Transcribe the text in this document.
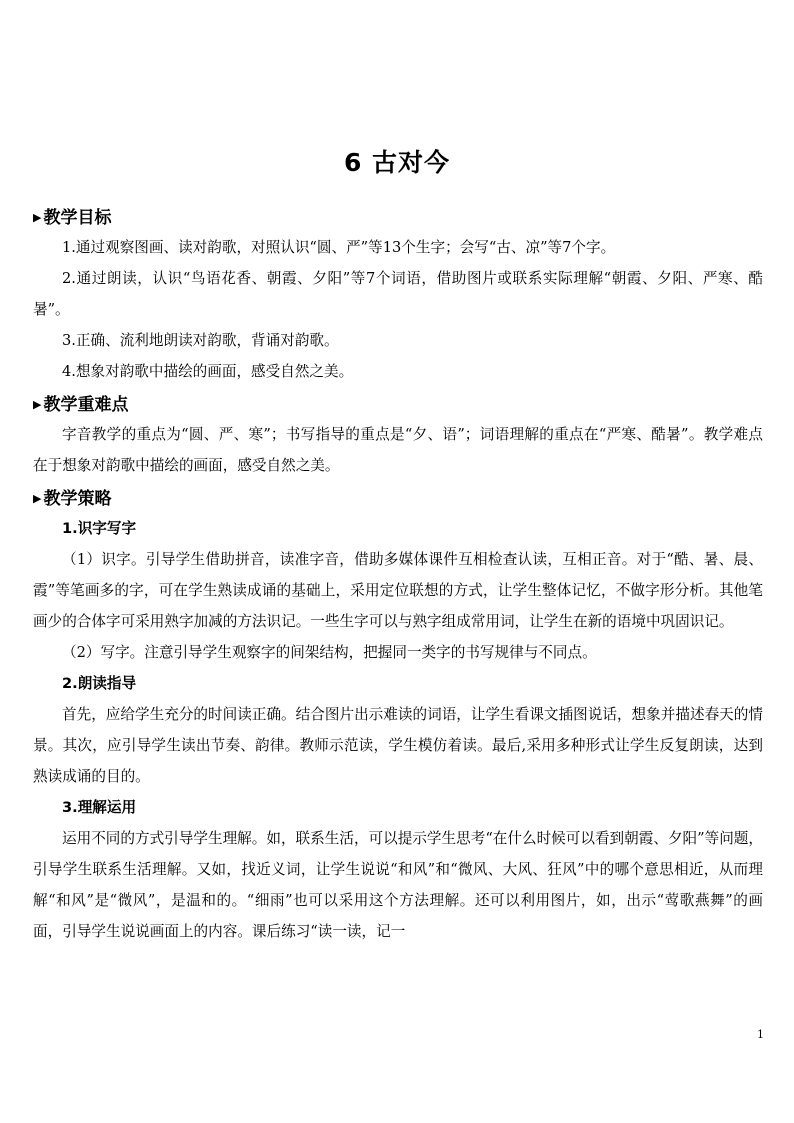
6 古对今
▶ 教学目标
1.通过观察图画、读对韵歌，对照认识“圆、严”等13个生字；会写“古、凉”等7个字。
2.通过朗读，认识“鸟语花香、朝霞、夕阳”等7个词语，借助图片或联系实际理解“朝霞、夕阳、严寒、酷暑”。
3.正确、流利地朗读对韵歌，背诵对韵歌。
4.想象对韵歌中描绘的画面，感受自然之美。
▶ 教学重难点
字音教学的重点为“圆、严、寒”；书写指导的重点是“夕、语”；词语理解的重点在“严寒、酷暑”。教学难点在于想象对韵歌中描绘的画面，感受自然之美。
▶ 教学策略
1.识字写字
（1）识字。引导学生借助拼音，读准字音，借助多媒体课件互相检查认读，互相正音。对于“酷、暑、晨、霞”等笔画多的字，可在学生熟读成诵的基础上，采用定位联想的方式，让学生整体记忆，不做字形分析。其他笔画少的合体字可采用熟字加减的方法识记。一些生字可以与熟字组成常用词，让学生在新的语境中巩固识记。
（2）写字。注意引导学生观察字的间架结构，把握同一类字的书写规律与不同点。
2.朗读指导
首先，应给学生充分的时间读正确。结合图片出示难读的词语，让学生看课文插图说话，想象并描述春天的情景。其次，应引导学生读出节奏、韵律。教师示范读，学生模仿着读。最后,采用多种形式让学生反复朗读，达到熟读成诵的目的。
3.理解运用
运用不同的方式引导学生理解。如，联系生活，可以提示学生思考“在什么时候可以看到朝霞、夕阳”等问题，引导学生联系生活理解。又如，找近义词，让学生说说“和风”和“微风、大风、狂风”中的哪个意思相近，从而理解“和风”是“微风”，是温和的。“细雨”也可以采用这个方法理解。还可以利用图片，如，出示“莺歌燕舞”的画面，引导学生说说画面上的内容。课后练习“读一读，记一
1
